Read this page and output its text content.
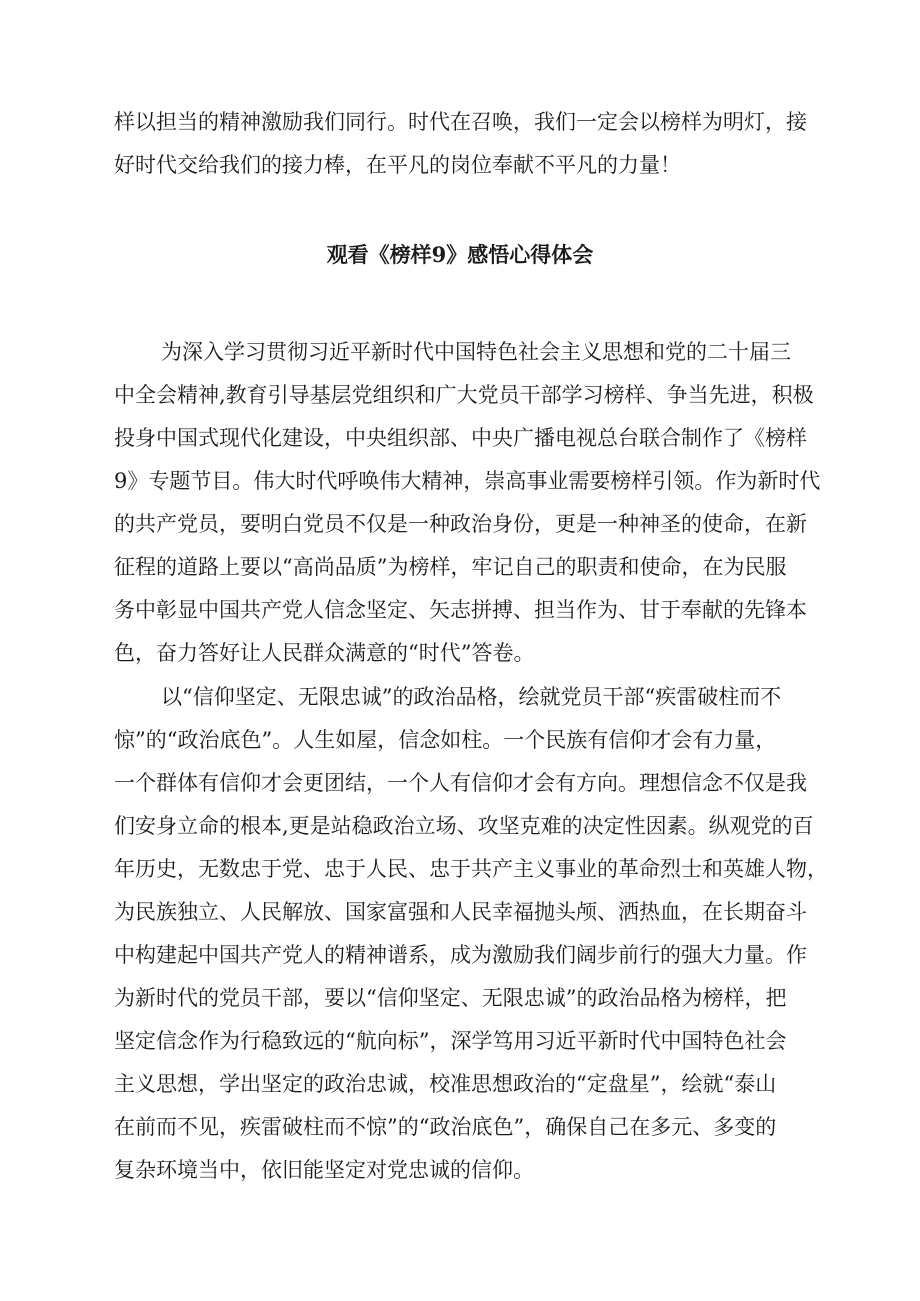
样以担当的精神激励我们同行。时代在召唤，我们一定会以榜样为明灯，接
好时代交给我们的接力棒，在平凡的岗位奉献不平凡的力量！
观看《榜样9》感悟心得体会
为深入学习贯彻习近平新时代中国特色社会主义思想和党的二十届三
中全会精神,教育引导基层党组织和广大党员干部学习榜样、争当先进，积极
投身中国式现代化建设，中央组织部、中央广播电视总台联合制作了《榜样
9》专题节目。伟大时代呼唤伟大精神，崇高事业需要榜样引领。作为新时代
的共产党员，要明白党员不仅是一种政治身份，更是一种神圣的使命，在新
征程的道路上要以“高尚品质”为榜样，牢记自己的职责和使命，在为民服
务中彰显中国共产党人信念坚定、矢志拼搏、担当作为、甘于奉献的先锋本
色，奋力答好让人民群众满意的“时代”答卷。
以“信仰坚定、无限忠诚”的政治品格，绘就党员干部“疾雷破柱而不
惊”的“政治底色”。人生如屋，信念如柱。一个民族有信仰才会有力量，
一个群体有信仰才会更团结，一个人有信仰才会有方向。理想信念不仅是我
们安身立命的根本,更是站稳政治立场、攻坚克难的决定性因素。纵观党的百
年历史，无数忠于党、忠于人民、忠于共产主义事业的革命烈士和英雄人物，
为民族独立、人民解放、国家富强和人民幸福抛头颅、洒热血，在长期奋斗
中构建起中国共产党人的精神谱系，成为激励我们阔步前行的强大力量。作
为新时代的党员干部，要以“信仰坚定、无限忠诚”的政治品格为榜样，把
坚定信念作为行稳致远的“航向标”，深学笃用习近平新时代中国特色社会
主义思想，学出坚定的政治忠诚，校准思想政治的“定盘星”，绘就“泰山
在前而不见，疾雷破柱而不惊”的“政治底色”，确保自己在多元、多变的
复杂环境当中，依旧能坚定对党忠诚的信仰。
